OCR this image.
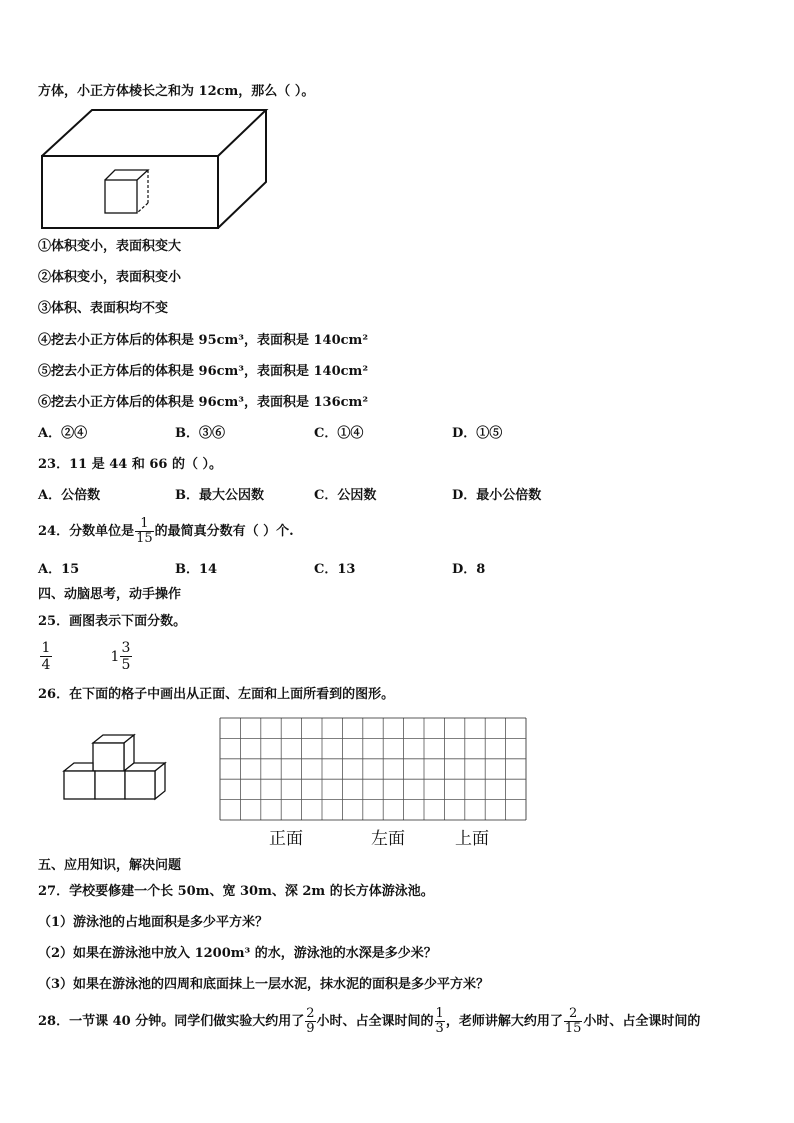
方体，小正方体棱长之和为 12cm，那么（ ）。
①体积变小，表面积变大
②体积变小，表面积变小
③体积、表面积均不变
④挖去小正方体后的体积是 95cm³，表面积是 140cm²
⑤挖去小正方体后的体积是 96cm³，表面积是 140cm²
⑥挖去小正方体后的体积是 96cm³，表面积是 136cm²
A．②④	B．③⑥	C．①④	D．①⑤
23．11 是 44 和 66 的（ ）。
A．公倍数	B．最大公因数	C．公因数	D．最小公倍数
24．分数单位是 $\frac{1}{15}$ 的最简真分数有（ ）个.
A．15	B．14	C．13	D．8
四、动脑思考，动手操作
25．画图表示下面分数。
$\frac{1}{4}$	$1 \frac{3}{5}$
26．在下面的格子中画出从正面、左面和上面所看到的图形。
正面	左面	上面
五、应用知识，解决问题
27．学校要修建一个长 50m、宽 30m、深 2m 的长方体游泳池。
（1）游泳池的占地面积是多少平方米？
（2）如果在游泳池中放入 1200m³ 的水，游泳池的水深是多少米？
（3）如果在游泳池的四周和底面抹上一层水泥，抹水泥的面积是多少平方米？
28．一节课 40 分钟。同学们做实验大约用了 $\frac{2}{9}$ 小时、占全课时间的 $\frac{1}{3}$ ，老师讲解大约用了 $\frac{2}{15}$ 小时、占全课时间的
